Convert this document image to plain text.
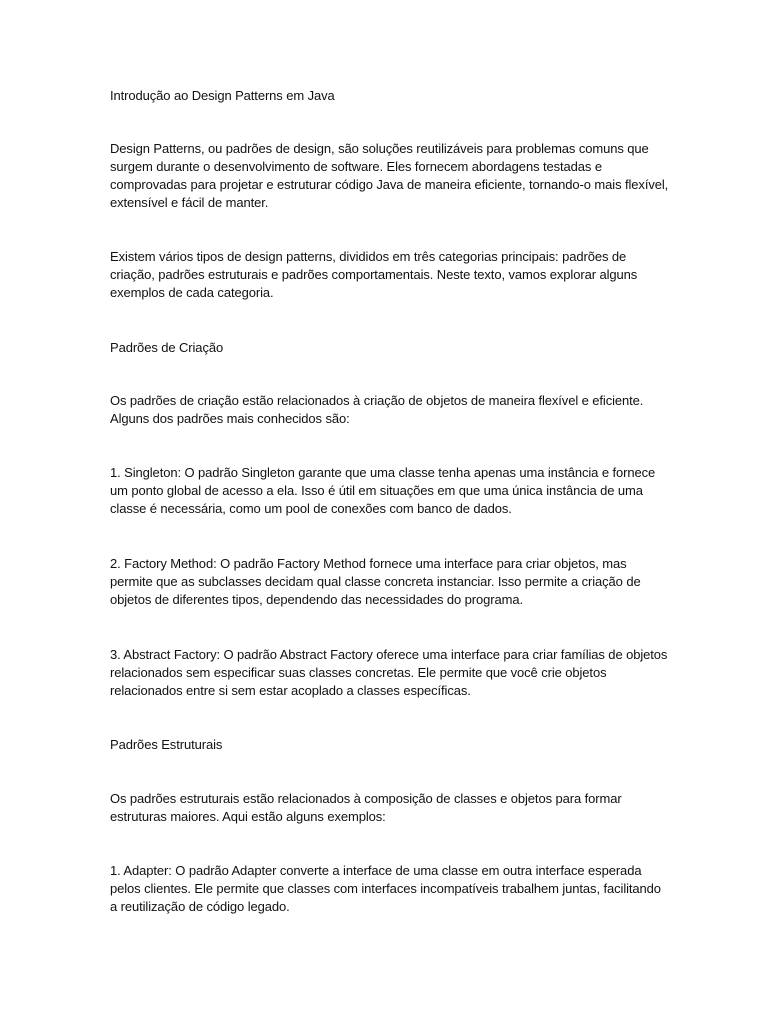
Introdução ao Design Patterns em Java

Design Patterns, ou padrões de design, são soluções reutilizáveis para problemas comuns que surgem durante o desenvolvimento de software. Eles fornecem abordagens testadas e comprovadas para projetar e estruturar código Java de maneira eficiente, tornando-o mais flexível, extensível e fácil de manter.

Existem vários tipos de design patterns, divididos em três categorias principais: padrões de criação, padrões estruturais e padrões comportamentais. Neste texto, vamos explorar alguns exemplos de cada categoria.

Padrões de Criação

Os padrões de criação estão relacionados à criação de objetos de maneira flexível e eficiente. Alguns dos padrões mais conhecidos são:

1. Singleton: O padrão Singleton garante que uma classe tenha apenas uma instância e fornece um ponto global de acesso a ela. Isso é útil em situações em que uma única instância de uma classe é necessária, como um pool de conexões com banco de dados.

2. Factory Method: O padrão Factory Method fornece uma interface para criar objetos, mas permite que as subclasses decidam qual classe concreta instanciar. Isso permite a criação de objetos de diferentes tipos, dependendo das necessidades do programa.

3. Abstract Factory: O padrão Abstract Factory oferece uma interface para criar famílias de objetos relacionados sem especificar suas classes concretas. Ele permite que você crie objetos relacionados entre si sem estar acoplado a classes específicas.

Padrões Estruturais

Os padrões estruturais estão relacionados à composição de classes e objetos para formar estruturas maiores. Aqui estão alguns exemplos:

1. Adapter: O padrão Adapter converte a interface de uma classe em outra interface esperada pelos clientes. Ele permite que classes com interfaces incompatíveis trabalhem juntas, facilitando a reutilização de código legado.
